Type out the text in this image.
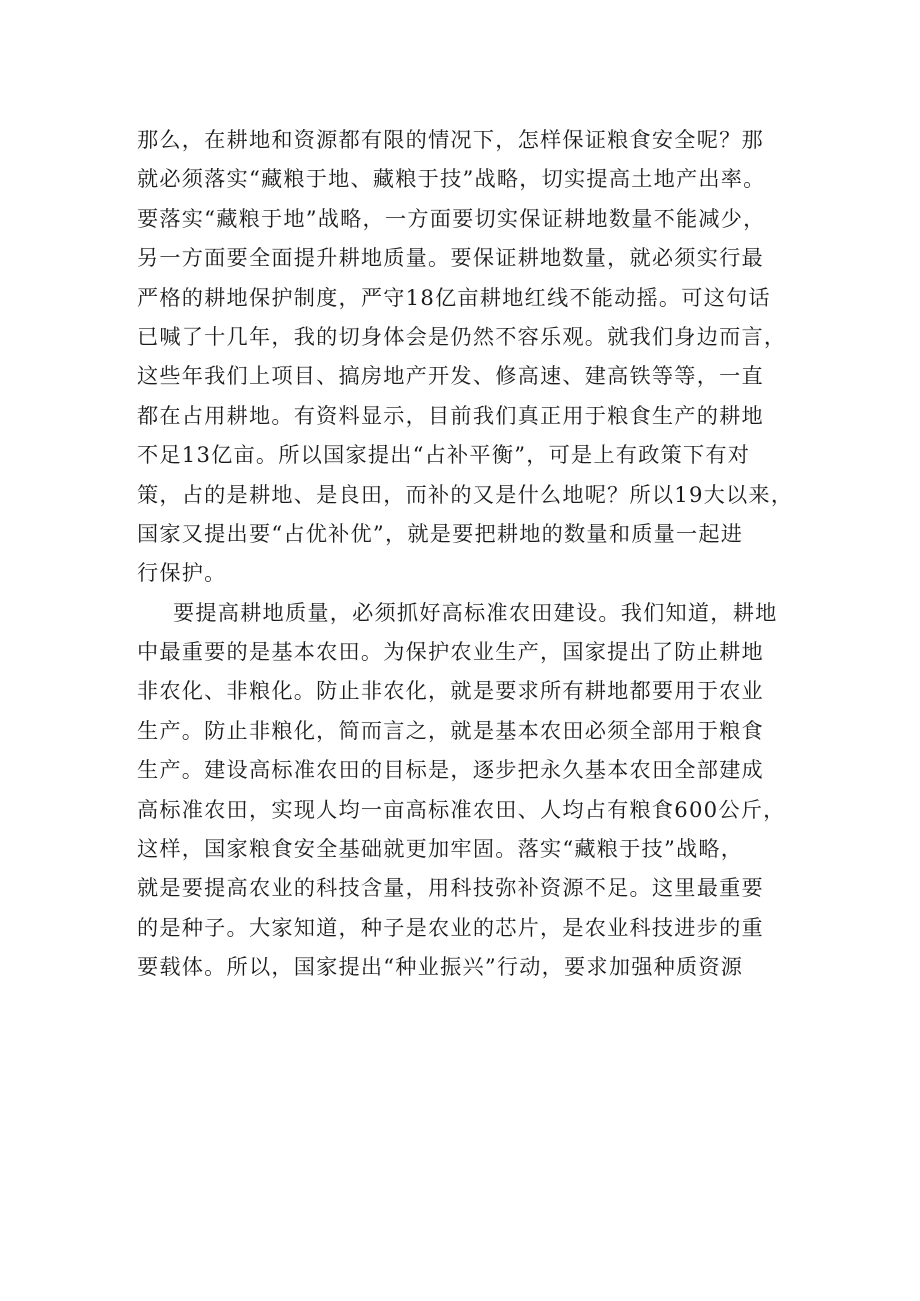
那么，在耕地和资源都有限的情况下，怎样保证粮食安全呢？那
就必须落实“藏粮于地、藏粮于技”战略，切实提高土地产出率。
要落实“藏粮于地”战略，一方面要切实保证耕地数量不能减少，
另一方面要全面提升耕地质量。要保证耕地数量，就必须实行最
严格的耕地保护制度，严守18亿亩耕地红线不能动摇。可这句话
已喊了十几年，我的切身体会是仍然不容乐观。就我们身边而言，
这些年我们上项目、搞房地产开发、修高速、建高铁等等，一直
都在占用耕地。有资料显示，目前我们真正用于粮食生产的耕地
不足13亿亩。所以国家提出“占补平衡”，可是上有政策下有对
策，占的是耕地、是良田，而补的又是什么地呢？所以19大以来，
国家又提出要“占优补优”，就是要把耕地的数量和质量一起进
行保护。
要提高耕地质量，必须抓好高标准农田建设。我们知道，耕地
中最重要的是基本农田。为保护农业生产，国家提出了防止耕地
非农化、非粮化。防止非农化，就是要求所有耕地都要用于农业
生产。防止非粮化，简而言之，就是基本农田必须全部用于粮食
生产。建设高标准农田的目标是，逐步把永久基本农田全部建成
高标准农田，实现人均一亩高标准农田、人均占有粮食600公斤，
这样，国家粮食安全基础就更加牢固。落实“藏粮于技”战略，
就是要提高农业的科技含量，用科技弥补资源不足。这里最重要
的是种子。大家知道，种子是农业的芯片，是农业科技进步的重
要载体。所以，国家提出“种业振兴”行动，要求加强种质资源
